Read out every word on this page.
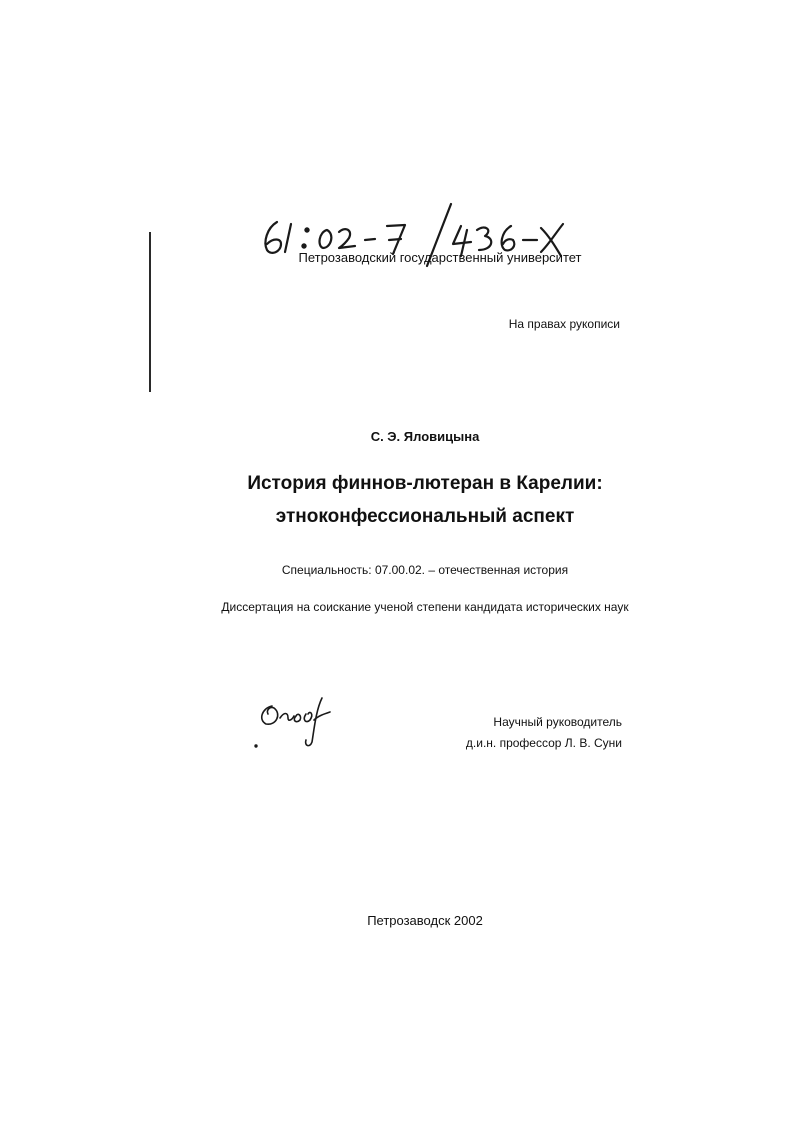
Петрозаводский государственный университет
На правах рукописи
С. Э. Яловицына
История финнов-лютеран в Карелии:
этноконфессиональный аспект
Специальность: 07.00.02. – отечественная история
Диссертация на соискание ученой степени кандидата исторических наук
Научный руководитель
д.и.н. профессор Л. В. Суни
Петрозаводск 2002
